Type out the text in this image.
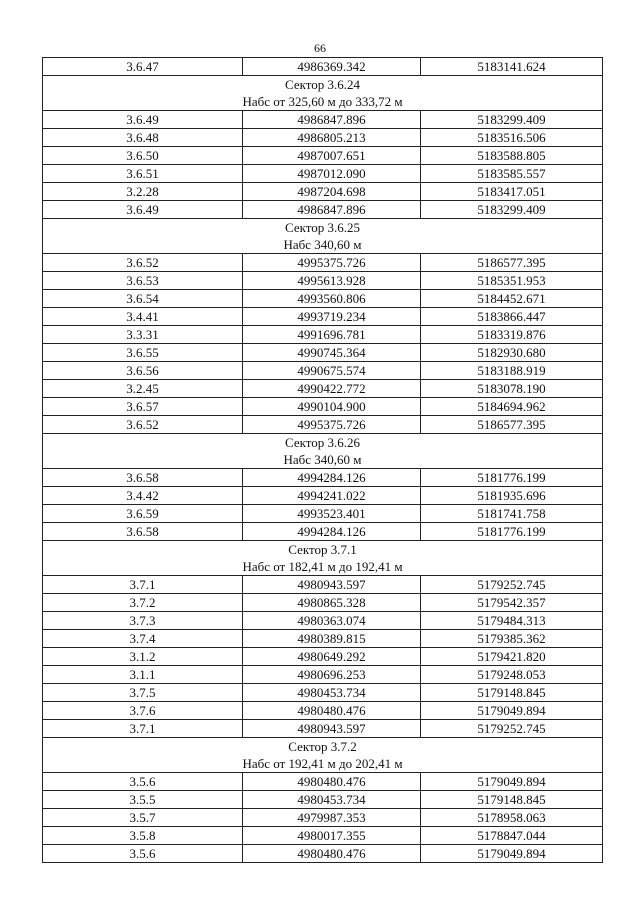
66
3.6.47	4986369.342	5183141.624

Сектор 3.6.24
Набс от 325,60 м до 333,72 м		

3.6.49	4986847.896	5183299.409
3.6.48	4986805.213	5183516.506
3.6.50	4987007.651	5183588.805
3.6.51	4987012.090	5183585.557
3.2.28	4987204.698	5183417.051
3.6.49	4986847.896	5183299.409

Сектор 3.6.25
Набс 340,60 м		

3.6.52	4995375.726	5186577.395
3.6.53	4995613.928	5185351.953
3.6.54	4993560.806	5184452.671
3.4.41	4993719.234	5183866.447
3.3.31	4991696.781	5183319.876
3.6.55	4990745.364	5182930.680
3.6.56	4990675.574	5183188.919
3.2.45	4990422.772	5183078.190
3.6.57	4990104.900	5184694.962
3.6.52	4995375.726	5186577.395

Сектор 3.6.26
Набс 340,60 м		

3.6.58	4994284.126	5181776.199
3.4.42	4994241.022	5181935.696
3.6.59	4993523.401	5181741.758
3.6.58	4994284.126	5181776.199

Сектор 3.7.1
Набс от 182,41 м до 192,41 м		

3.7.1	4980943.597	5179252.745
3.7.2	4980865.328	5179542.357
3.7.3	4980363.074	5179484.313
3.7.4	4980389.815	5179385.362
3.1.2	4980649.292	5179421.820
3.1.1	4980696.253	5179248.053
3.7.5	4980453.734	5179148.845
3.7.6	4980480.476	5179049.894
3.7.1	4980943.597	5179252.745

Сектор 3.7.2
Набс от 192,41 м до 202,41 м		

3.5.6	4980480.476	5179049.894
3.5.5	4980453.734	5179148.845
3.5.7	4979987.353	5178958.063
3.5.8	4980017.355	5178847.044
3.5.6	4980480.476	5179049.894
